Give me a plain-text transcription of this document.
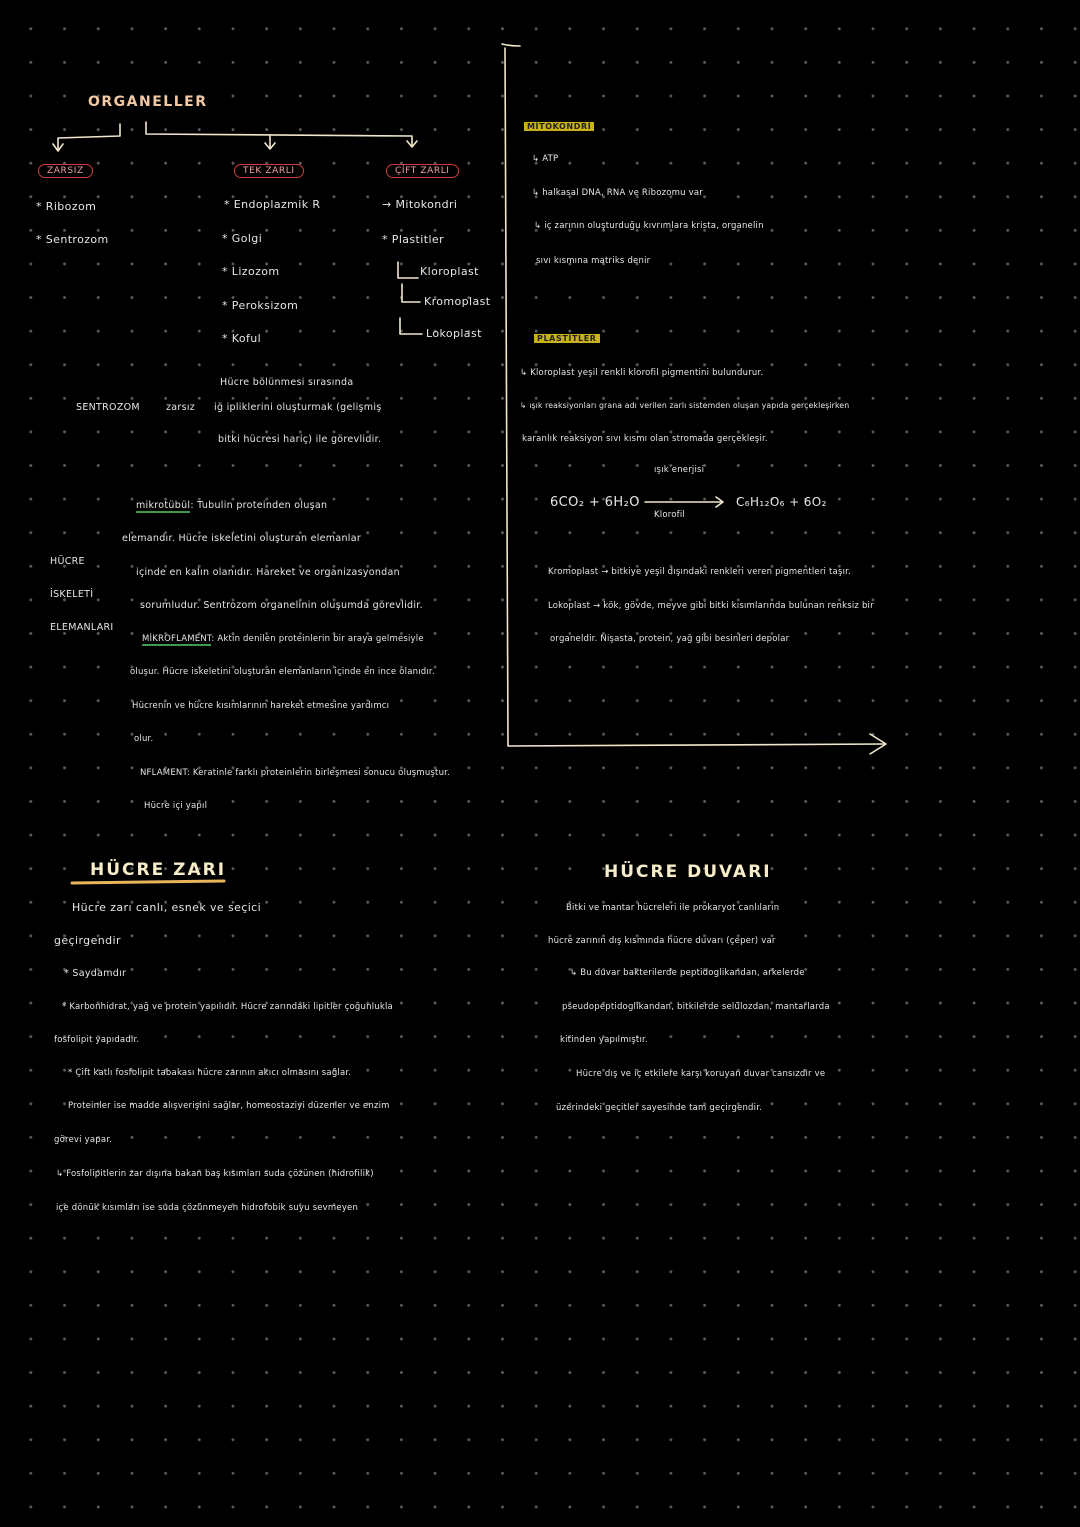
ORGANELLER
ZARSIZ	TEK ZARLI	ÇİFT ZARLI
* Ribozom
* Sentrozom
* Endoplazmik R
* Golgi
* Lizozom
* Peroksizom
* Koful
→ Mitokondri
* Plastitler
Kloroplast
Kromoplast
Lokoplast
SENTROZOM	zarsız
Hücre bölünmesi sırasında
iğ ipliklerini oluşturmak (gelişmiş
bitki hücresi hariç) ile görevlidir.
HÜCRE
İSKELETİ
ELEMANLARI
mikrotübül: Tubulin proteinden oluşan
elemandır. Hücre iskeletini oluşturan elemanlar
içinde en kalın olanıdır. Hareket ve organizasyondan
sorumludur. Sentrozom organelinin oluşumda görevlidir.
MİKROFLAMENT: Aktin denilen proteinlerin bir araya gelmesiyle
oluşur. Hücre iskeletini oluşturan elemanların içinde en ince olanıdır.
Hücrenin ve hücre kısımlarının hareket etmesine yardımcı
olur.
NFLAMENT: Keratinle farklı proteinlerin birleşmesi sonucu oluşmuştur.
Hücre içi yapıl
MİTOKONDRİ
↳ ATP
↳ halkasal DNA, RNA ve Ribozomu var
↳ iç zarının oluşturduğu kıvrımlara krista, organelin
sıvı kısmına matriks denir
PLASTİTLER
↳ Kloroplast yeşil renkli klorofil pigmentini bulundurur.
↳ ışık reaksiyonları grana adı verilen zarlı sistemden oluşan yapıda gerçekleşirken
karanlık reaksiyon sıvı kısmı olan stromada gerçekleşir.
6CO₂ + 6H₂O
ışık enerjisi
Klorofil
C₆H₁₂O₆ + 6O₂
Kromoplast → bitkiye yeşil dışındaki renkleri veren pigmentleri taşır.
Lokoplast → kök, gövde, meyve gibi bitki kısımlarında bulunan renksiz bir
organeldir. Nişasta, protein, yağ gibi besinleri depolar
HÜCRE ZARI
Hücre zarı canlı, esnek ve seçici
geçirgendir
* Saydamdır
* Karbonhidrat, yağ ve protein yapılıdır. Hücre zarındaki lipitler çoğunlukla
fosfolipit yapıdadır.
* Çift katlı fosfolipit tabakası hücre zarının akıcı olmasını sağlar.
Proteinler ise madde alışverişini sağlar, homeostaziyi düzenler ve enzim
görevi yapar.
↳ Fosfolipitlerin zar dışına bakan baş kısımları suda çözünen (hidrofilik)
içe dönük kısımları ise suda çözünmeyen hidrofobik suyu sevmeyen
HÜCRE DUVARI
Bitki ve mantar hücreleri ile prokaryot canlıların
hücre zarının dış kısmında hücre duvarı (çeper) var
↳ Bu duvar bakterilerde peptidoglikandan, arkelerde
pseudopeptidoglikandan, bitkilerde selülozdan, mantarlarda
kitinden yapılmıştır.
Hücre dış ve iç etkilere karşı koruyan duvar cansızdır ve
üzerindeki geçitler sayesinde tam geçirgendir.
